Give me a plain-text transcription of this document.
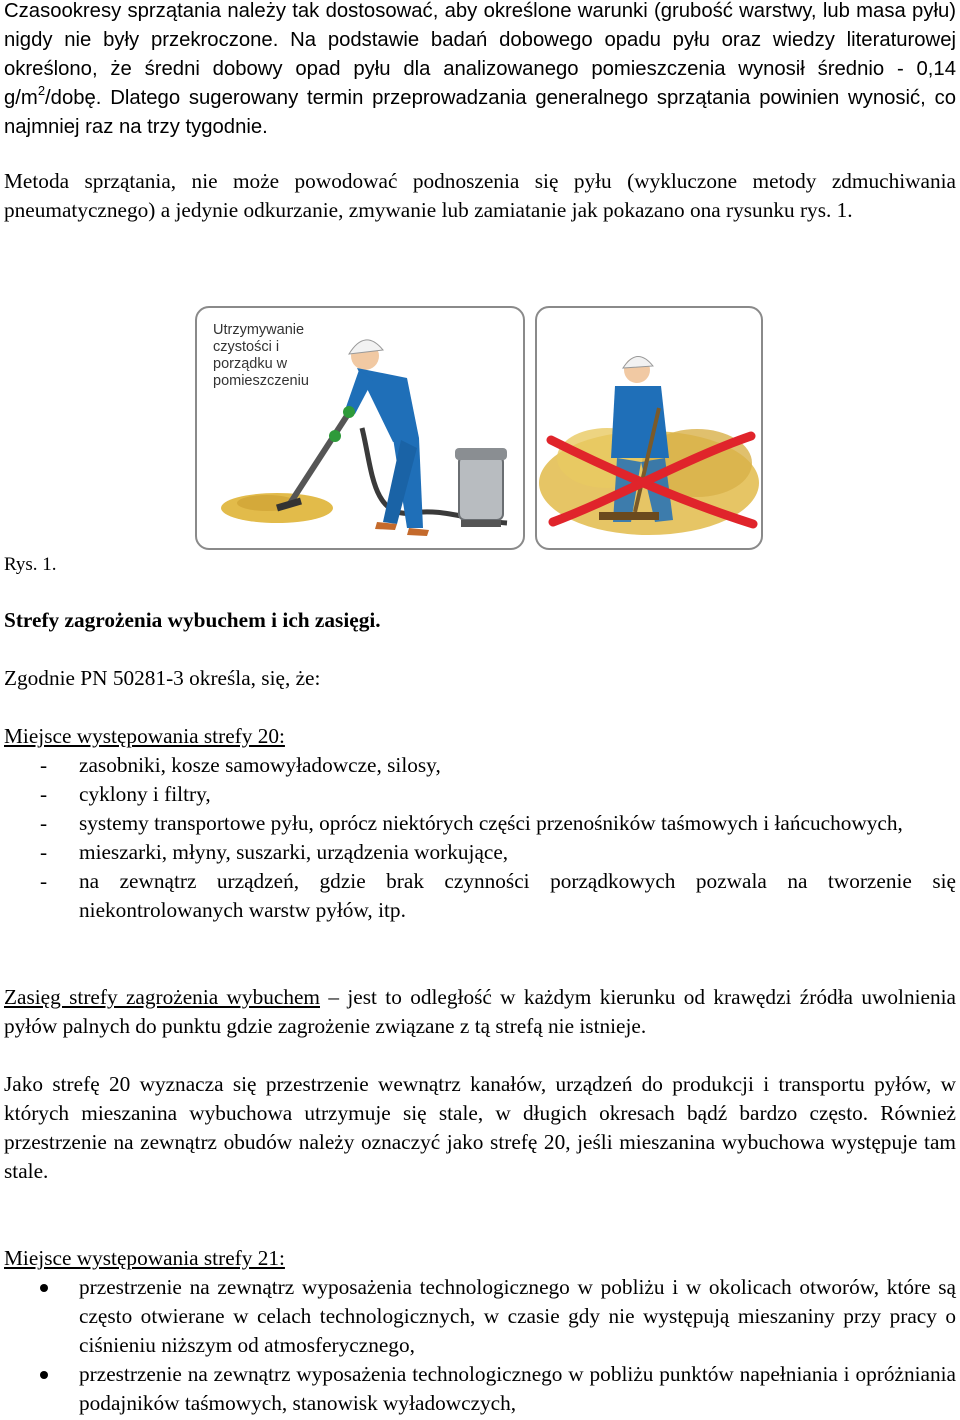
Czasookresy sprzątania należy tak dostosować, aby określone warunki (grubość warstwy, lub masa pyłu) nigdy nie były przekroczone. Na podstawie badań dobowego opadu pyłu oraz wiedzy literaturowej określono, że średni dobowy opad pyłu dla analizowanego pomieszczenia wynosił średnio - 0,14 $g/m^2$/dobę. Dlatego sugerowany termin przeprowadzania generalnego sprzątania powinien wynosić, co najmniej raz na trzy tygodnie.

Metoda sprzątania, nie może powodować podnoszenia się pyłu (wykluczone metody zdmuchiwania pneumatycznego) a jedynie odkurzanie, zmywanie lub zamiatanie jak pokazano ona rysunku rys. 1.

Rys. 1.

Strefy zagrożenia wybuchem i ich zasięgi.

Zgodnie PN 50281-3 określa, się, że:

Miejsce występowania strefy 20:

- zasobniki, kosze samowyładowcze, silosy,
- cyklony i filtry,
- systemy transportowe pyłu, oprócz niektórych części przenośników taśmowych i łańcuchowych,
- mieszarki, młyny, suszarki, urządzenia workujące,
- na zewnątrz urządzeń, gdzie brak czynności porządkowych pozwala na tworzenie się niekontrolowanych warstw pyłów, itp.

Zasięg strefy zagrożenia wybuchem – jest to odległość w każdym kierunku od krawędzi źródła uwolnienia pyłów palnych do punktu gdzie zagrożenie związane z tą strefą nie istnieje.

Jako strefę 20 wyznacza się przestrzenie wewnątrz kanałów, urządzeń do produkcji i transportu pyłów, w których mieszanina wybuchowa utrzymuje się stale, w długich okresach bądź bardzo często. Również przestrzenie na zewnątrz obudów należy oznaczyć jako strefę 20, jeśli mieszanina wybuchowa występuje tam stale.

Miejsce występowania strefy 21:

przestrzenie na zewnątrz wyposażenia technologicznego w pobliżu i w okolicach otworów, które są często otwierane w celach technologicznych, w czasie gdy nie występują mieszaniny przy pracy o ciśnieniu niższym od atmosferycznego,
przestrzenie na zewnątrz wyposażenia technologicznego w pobliżu punktów napełniania i opróżniania podajników taśmowych, stanowisk wyładowczych,
Utrzymywanie
czystości i
porządku w
pomieszczeniu
